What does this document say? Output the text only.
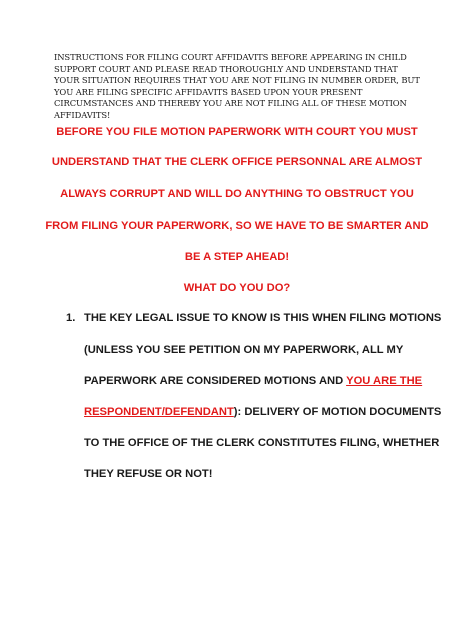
INSTRUCTIONS FOR FILING COURT AFFIDAVITS BEFORE APPEARING IN CHILD
SUPPORT COURT AND PLEASE READ THOROUGHLY AND UNDERSTAND THAT
YOUR SITUATION REQUIRES THAT YOU ARE NOT FILING IN NUMBER ORDER, BUT
YOU ARE FILING SPECIFIC AFFIDAVITS BASED UPON YOUR PRESENT
CIRCUMSTANCES AND THEREBY YOU ARE NOT FILING ALL OF THESE MOTION
AFFIDAVITS!
BEFORE YOU FILE MOTION PAPERWORK WITH COURT YOU MUST
UNDERSTAND THAT THE CLERK OFFICE PERSONNAL ARE ALMOST
ALWAYS CORRUPT AND WILL DO ANYTHING TO OBSTRUCT YOU
FROM FILING YOUR PAPERWORK, SO WE HAVE TO BE SMARTER AND
BE A STEP AHEAD!
WHAT DO YOU DO?
1. THE KEY LEGAL ISSUE TO KNOW IS THIS WHEN FILING MOTIONS
(UNLESS YOU SEE PETITION ON MY PAPERWORK, ALL MY
PAPERWORK ARE CONSIDERED MOTIONS AND YOU ARE THE
RESPONDENT/DEFENDANT): DELIVERY OF MOTION DOCUMENTS
TO THE OFFICE OF THE CLERK CONSTITUTES FILING, WHETHER
THEY REFUSE OR NOT!
